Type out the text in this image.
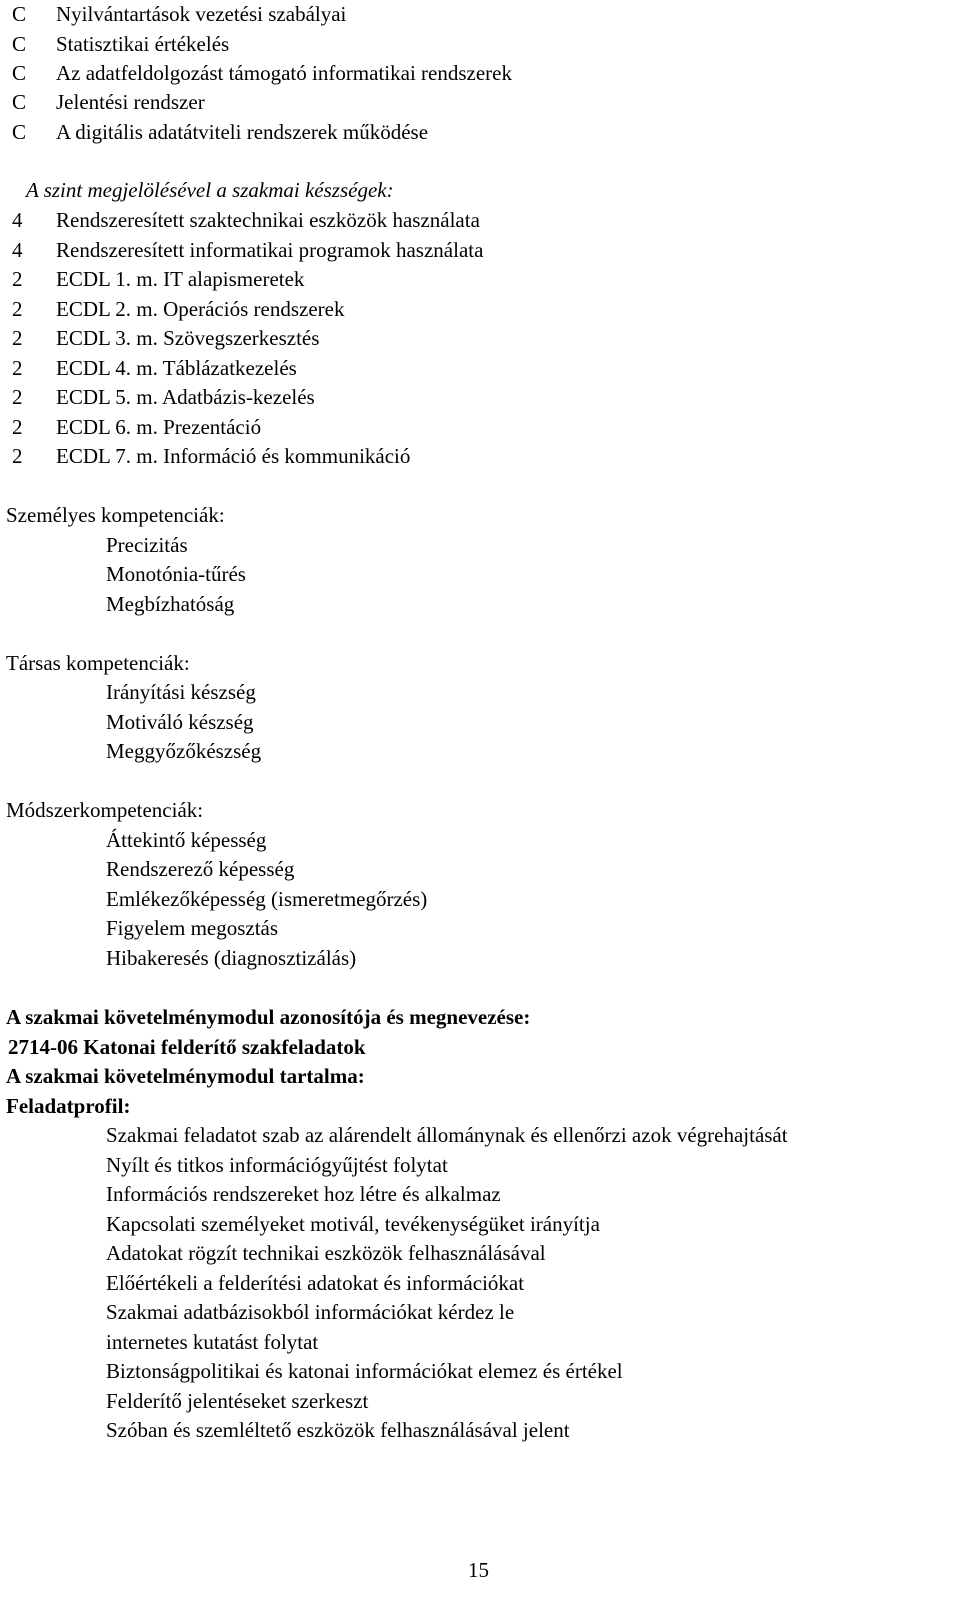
C Nyilvántartások vezetési szabályai
C Statisztikai értékelés
C Az adatfeldolgozást támogató informatikai rendszerek
C Jelentési rendszer
C A digitális adatátviteli rendszerek működése
A szint megjelölésével a szakmai készségek:
4 Rendszeresített szaktechnikai eszközök használata
4 Rendszeresített informatikai programok használata
2 ECDL 1. m. IT alapismeretek
2 ECDL 2. m. Operációs rendszerek
2 ECDL 3. m. Szövegszerkesztés
2 ECDL 4. m. Táblázatkezelés
2 ECDL 5. m. Adatbázis-kezelés
2 ECDL 6. m. Prezentáció
2 ECDL 7. m. Információ és kommunikáció
Személyes kompetenciák:
Precizitás
Monotónia-tűrés
Megbízhatóság
Társas kompetenciák:
Irányítási készség
Motiváló készség
Meggyőzőkészség
Módszerkompetenciák:
Áttekintő képesség
Rendszerező képesség
Emlékezőképesség (ismeretmegőrzés)
Figyelem megosztás
Hibakeresés (diagnosztizálás)
A szakmai követelménymodul azonosítója és megnevezése:
2714-06 Katonai felderítő szakfeladatok
A szakmai követelménymodul tartalma:
Feladatprofil:
Szakmai feladatot szab az alárendelt állománynak és ellenőrzi azok végrehajtását
Nyílt és titkos információgyűjtést folytat
Információs rendszereket hoz létre és alkalmaz
Kapcsolati személyeket motivál, tevékenységüket irányítja
Adatokat rögzít technikai eszközök felhasználásával
Előértékeli a felderítési adatokat és információkat
Szakmai adatbázisokból információkat kérdez le
internetes kutatást folytat
Biztonságpolitikai és katonai információkat elemez és értékel
Felderítő jelentéseket szerkeszt
Szóban és szemléltető eszközök felhasználásával jelent
15
